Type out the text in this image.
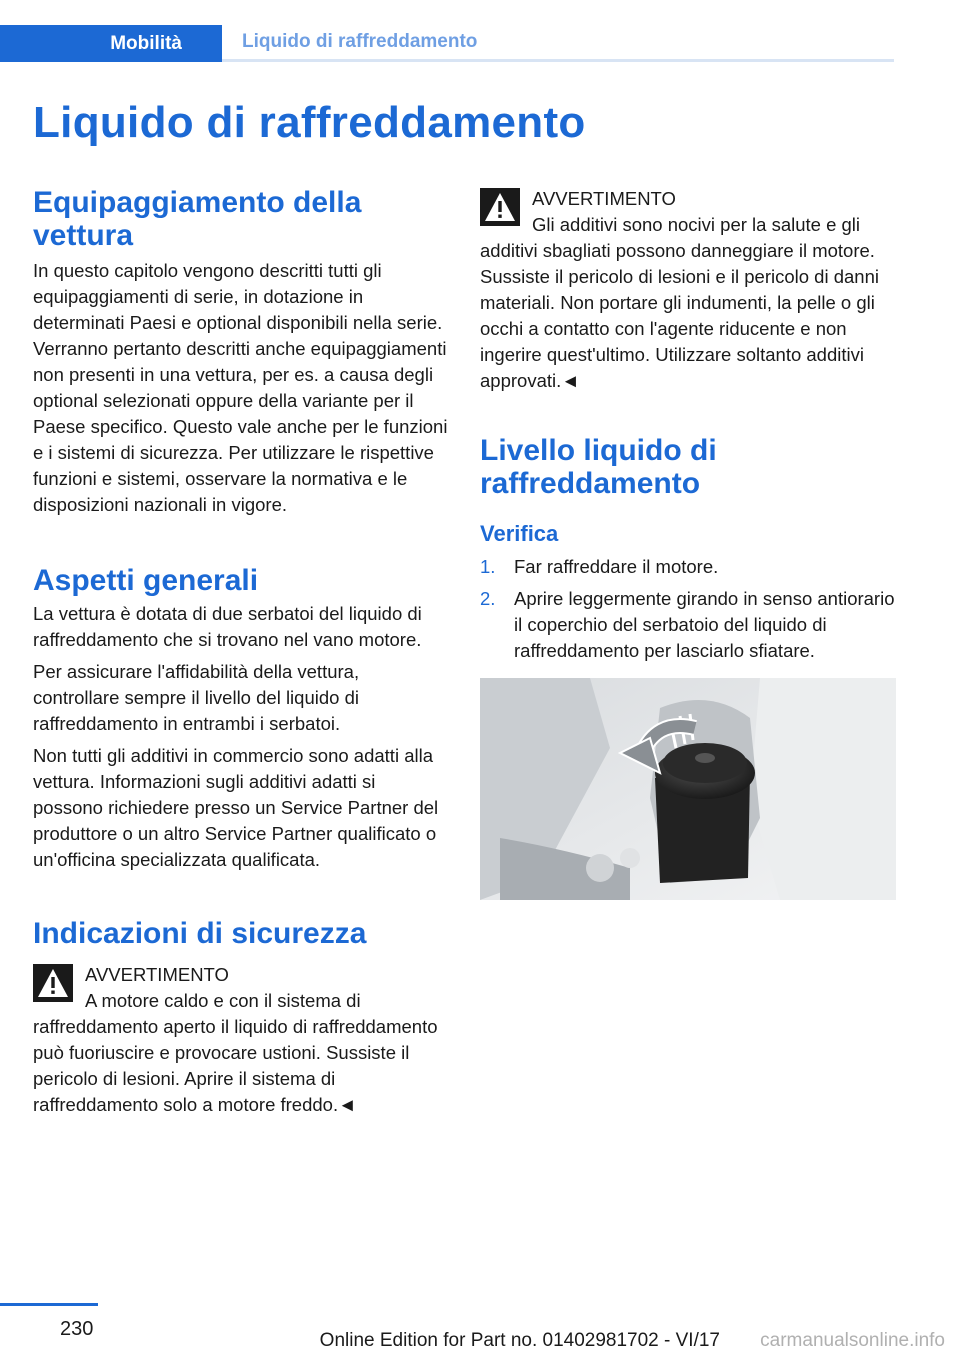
Mobilità	Liquido di raffreddamento
Liquido di raffreddamento
Equipaggiamento della vettura

In questo capitolo vengono descritti tutti gli equipaggiamenti di serie, in dotazione in determinati Paesi e optional disponibili nella serie. Verranno pertanto descritti anche equipaggiamenti non presenti in una vettura, per es. a causa degli optional selezionati oppure della variante per il Paese specifico. Questo vale anche per le funzioni e i sistemi di sicurezza. Per utilizzare le rispettive funzioni e sistemi, osservare la normativa e le disposizioni nazionali in vigore.

Aspetti generali

La vettura è dotata di due serbatoi del liquido di raffreddamento che si trovano nel vano motore.

Per assicurare l'affidabilità della vettura, controllare sempre il livello del liquido di raffreddamento in entrambi i serbatoi.

Non tutti gli additivi in commercio sono adatti alla vettura. Informazioni sugli additivi adatti si possono richiedere presso un Service Partner del produttore o un altro Service Partner qualificato o un'officina specializzata qualificata.

Indicazioni di sicurezza
AVVERTIMENTO

A motore caldo e con il sistema di raffreddamento aperto il liquido di raffreddamento può fuoriuscire e provocare ustioni. Sussiste il pericolo di lesioni. Aprire il sistema di raffreddamento solo a motore freddo.◄

AVVERTIMENTO

Gli additivi sono nocivi per la salute e gli additivi sbagliati possono danneggiare il motore. Sussiste il pericolo di lesioni e il pericolo di danni materiali. Non portare gli indumenti, la pelle o gli occhi a contatto con l'agente riducente e non ingerire quest'ultimo. Utilizzare soltanto additivi approvati.◄

Livello liquido di raffreddamento
Verifica
1.	Far raffreddare il motore.
2.	Aprire leggermente girando in senso antiorario il coperchio del serbatoio del liquido di raffreddamento per lasciarlo sfiatare.
230
Online Edition for Part no. 01402981702 - VI/17 carmanualsonline.info
